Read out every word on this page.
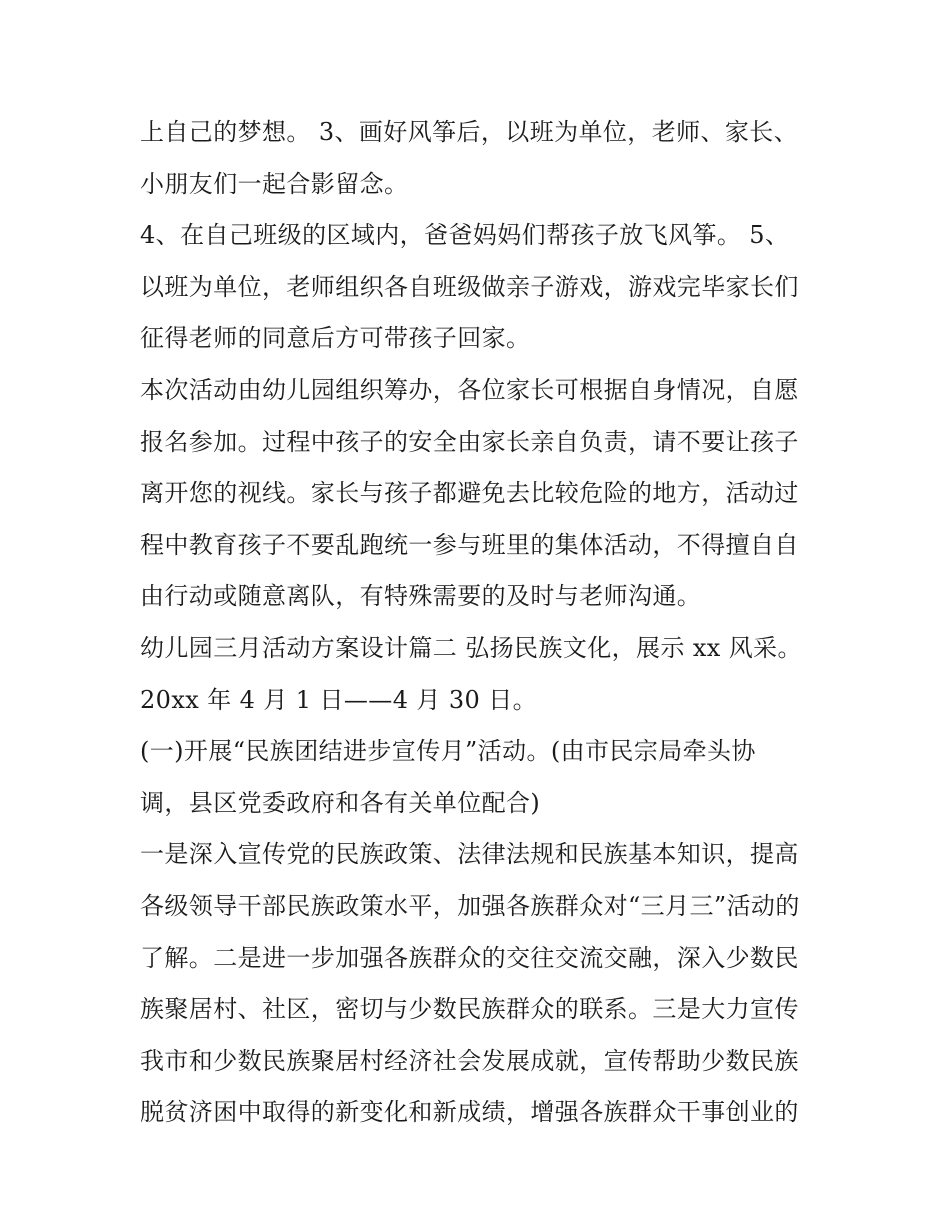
上自己的梦想。 3、画好风筝后，以班为单位，老师、家长、
小朋友们一起合影留念。
4、在自己班级的区域内，爸爸妈妈们帮孩子放飞风筝。 5、
以班为单位，老师组织各自班级做亲子游戏，游戏完毕家长们
征得老师的同意后方可带孩子回家。
本次活动由幼儿园组织筹办，各位家长可根据自身情况，自愿
报名参加。过程中孩子的安全由家长亲自负责，请不要让孩子
离开您的视线。家长与孩子都避免去比较危险的地方，活动过
程中教育孩子不要乱跑统一参与班里的集体活动，不得擅自自
由行动或随意离队，有特殊需要的及时与老师沟通。
幼儿园三月活动方案设计篇二 弘扬民族文化，展示 xx 风采。
20xx 年 4 月 1 日——4 月 30 日。
(一)开展“民族团结进步宣传月”活动。(由市民宗局牵头协
调，县区党委政府和各有关单位配合)
一是深入宣传党的民族政策、法律法规和民族基本知识，提高
各级领导干部民族政策水平，加强各族群众对“三月三”活动的
了解。二是进一步加强各族群众的交往交流交融，深入少数民
族聚居村、社区，密切与少数民族群众的联系。三是大力宣传
我市和少数民族聚居村经济社会发展成就，宣传帮助少数民族
脱贫济困中取得的新变化和新成绩，增强各族群众干事创业的
